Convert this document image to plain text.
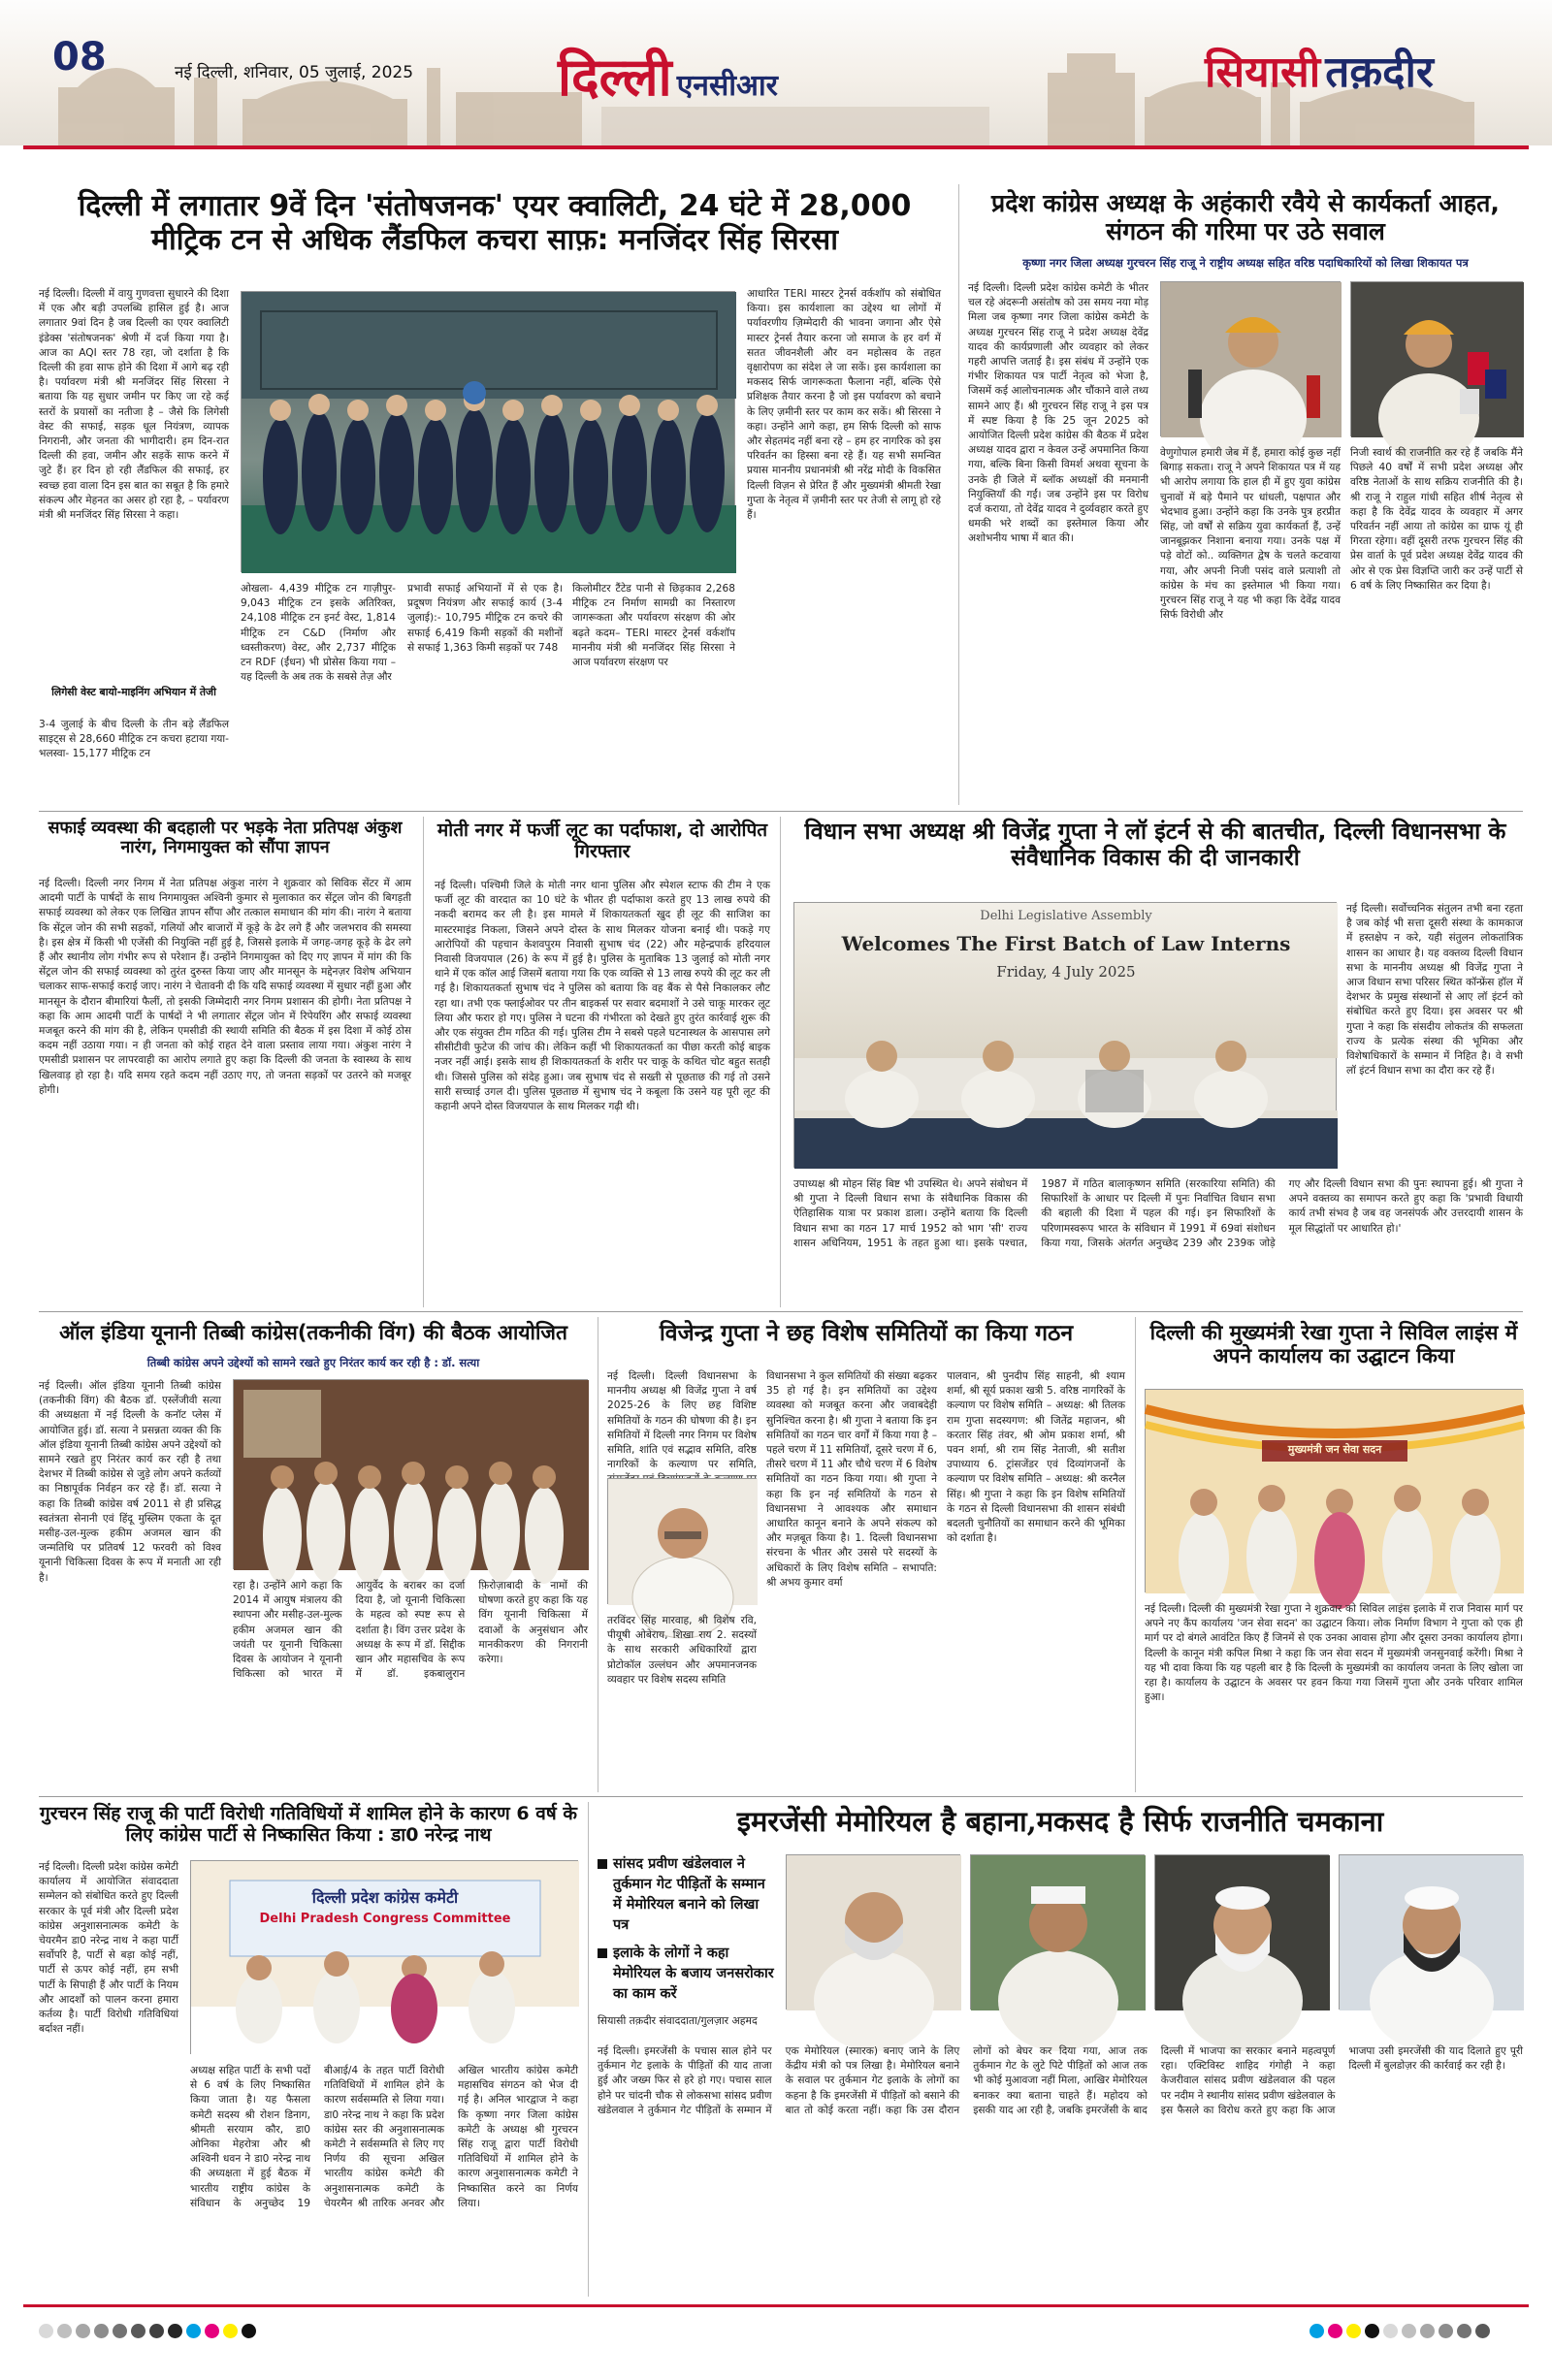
08	नई दिल्ली, शनिवार, 05 जुलाई, 2025	दिल्ली एनसीआर	सियासी तक़दीर
दिल्ली में लगातार 9वें दिन 'संतोषजनक' एयर क्वालिटी, 24 घंटे में 28,000 मीट्रिक टन से अधिक लैंडफिल कचरा साफ़: मनजिंदर सिंह सिरसा
नई दिल्ली। दिल्ली में वायु गुणवत्ता सुधारने की दिशा में एक और बड़ी उपलब्धि हासिल हुई है। आज लगातार 9वां दिन है जब दिल्ली का एयर क्वालिटी इंडेक्स 'संतोषजनक' श्रेणी में दर्ज किया गया है। आज का AQI स्तर 78 रहा, जो दर्शाता है कि दिल्ली की हवा साफ होने की दिशा में आगे बढ़ रही है। पर्यावरण मंत्री श्री मनजिंदर सिंह सिरसा ने बताया कि यह सुधार जमीन पर किए जा रहे कई स्तरों के प्रयासों का नतीजा है – जैसे कि लिगेसी वेस्ट की सफाई, सड़क धूल नियंत्रण, व्यापक निगरानी, और जनता की भागीदारी। हम दिन-रात दिल्ली की हवा, जमीन और सड़कें साफ करने में जुटे हैं। हर दिन हो रही लैंडफिल की सफाई, हर स्वच्छ हवा वाला दिन इस बात का सबूत है कि हमारे संकल्प और मेहनत का असर हो रहा है, – पर्यावरण मंत्री श्री मनजिंदर सिंह सिरसा ने कहा।
लिगेसी वेस्ट बायो-माइनिंग अभियान में तेजी
3-4 जुलाई के बीच दिल्ली के तीन बड़े लैंडफिल साइट्स से 28,660 मीट्रिक टन कचरा हटाया गया- भलस्वा- 15,177 मीट्रिक टन
ओखला- 4,439 मीट्रिक टन गाज़ीपुर- 9,043 मीट्रिक टन इसके अतिरिक्त, 24,108 मीट्रिक टन इनर्ट वेस्ट, 1,814 मीट्रिक टन C&D (निर्माण और ध्वस्तीकरण) वेस्ट, और 2,737 मीट्रिक टन RDF (ईंधन) भी प्रोसेस किया गया – यह दिल्ली के अब तक के सबसे तेज़ और
प्रभावी सफाई अभियानों में से एक है। प्रदूषण नियंत्रण और सफाई कार्य (3-4 जुलाई):- 10,795 मीट्रिक टन कचरे की सफाई 6,419 किमी सड़कों की मशीनों से सफाई 1,363 किमी सड़कों पर 748
किलोमीटर टैंटेड पानी से छिड़काव 2,268 मीट्रिक टन निर्माण सामग्री का निस्तारण जागरूकता और पर्यावरण संरक्षण की ओर बढ़ते कदम– TERI मास्टर ट्रेनर्स वर्कशॉप माननीय मंत्री श्री मनजिंदर सिंह सिरसा ने आज पर्यावरण संरक्षण पर
आधारित TERI मास्टर ट्रेनर्स वर्कशॉप को संबोधित किया। इस कार्यशाला का उद्देश्य था लोगों में पर्यावरणीय ज़िम्मेदारी की भावना जगाना और ऐसे मास्टर ट्रेनर्स तैयार करना जो समाज के हर वर्ग में सतत जीवनशैली और वन महोत्सव के तहत वृक्षारोपण का संदेश ले जा सकें। इस कार्यशाला का मकसद सिर्फ जागरूकता फैलाना नहीं, बल्कि ऐसे प्रशिक्षक तैयार करना है जो इस पर्यावरण को बचाने के लिए ज़मीनी स्तर पर काम कर सकें। श्री सिरसा ने कहा। उन्होंने आगे कहा, हम सिर्फ दिल्ली को साफ और सेहतमंद नहीं बना रहे – हम हर नागरिक को इस परिवर्तन का हिस्सा बना रहे हैं। यह सभी समन्वित प्रयास माननीय प्रधानमंत्री श्री नरेंद्र मोदी के विकसित दिल्ली विज़न से प्रेरित हैं और मुख्यमंत्री श्रीमती रेखा गुप्ता के नेतृत्व में ज़मीनी स्तर पर तेजी से लागू हो रहे हैं।
प्रदेश कांग्रेस अध्यक्ष के अहंकारी रवैये से कार्यकर्ता आहत, संगठन की गरिमा पर उठे सवाल
कृष्णा नगर जिला अध्यक्ष गुरचरन सिंह राजू ने राष्ट्रीय अध्यक्ष सहित वरिष्ठ पदाधिकारियों को लिखा शिकायत पत्र
नई दिल्ली। दिल्ली प्रदेश कांग्रेस कमेटी के भीतर चल रहे अंदरूनी असंतोष को उस समय नया मोड़ मिला जब कृष्णा नगर जिला कांग्रेस कमेटी के अध्यक्ष गुरचरन सिंह राजू ने प्रदेश अध्यक्ष देवेंद्र यादव की कार्यप्रणाली और व्यवहार को लेकर गहरी आपत्ति जताई है। इस संबंध में उन्होंने एक गंभीर शिकायत पत्र पार्टी नेतृत्व को भेजा है, जिसमें कई आलोचनात्मक और चौंकाने वाले तथ्य सामने आए हैं। श्री गुरचरन सिंह राजू ने इस पत्र में स्पष्ट किया है कि 25 जून 2025 को आयोजित दिल्ली प्रदेश कांग्रेस की बैठक में प्रदेश अध्यक्ष यादव द्वारा न केवल उन्हें अपमानित किया गया, बल्कि बिना किसी विमर्श अथवा सूचना के उनके ही जिले में ब्लॉक अध्यक्षों की मनमानी नियुक्तियाँ की गईं। जब उन्होंने इस पर विरोध दर्ज कराया, तो देवेंद्र यादव ने दुर्व्यवहार करते हुए धमकी भरे शब्दों का इस्तेमाल किया और अशोभनीय भाषा में बात की।
वेणुगोपाल हमारी जेब में हैं, हमारा कोई कुछ नहीं बिगाड़ सकता। राजू ने अपने शिकायत पत्र में यह भी आरोप लगाया कि हाल ही में हुए युवा कांग्रेस चुनावों में बड़े पैमाने पर धांधली, पक्षपात और भेदभाव हुआ। उन्होंने कहा कि उनके पुत्र हरप्रीत सिंह, जो वर्षों से सक्रिय युवा कार्यकर्ता हैं, उन्हें जानबूझकर निशाना बनाया गया। उनके पक्ष में पड़े वोटों को.. व्यक्तिगत द्वेष के चलते कटवाया गया, और अपनी निजी पसंद वाले प्रत्याशी तो कांग्रेस के मंच का इस्तेमाल भी किया गया। गुरचरन सिंह राजू ने यह भी कहा कि देवेंद्र यादव सिर्फ विरोधी और
निजी स्वार्थ की राजनीति कर रहे हैं जबकि मैंने पिछले 40 वर्षों में सभी प्रदेश अध्यक्ष और वरिष्ठ नेताओं के साथ सक्रिय राजनीति की है। श्री राजू ने राहुल गांधी सहित शीर्ष नेतृत्व से कहा है कि देवेंद्र यादव के व्यवहार में अगर परिवर्तन नहीं आया तो कांग्रेस का ग्राफ यूं ही गिरता रहेगा। वहीं दूसरी तरफ गुरचरन सिंह की प्रेस वार्ता के पूर्व प्रदेश अध्यक्ष देवेंद्र यादव की ओर से एक प्रेस विज्ञप्ति जारी कर उन्हें पार्टी से 6 वर्ष के लिए निष्कासित कर दिया है।
सफाई व्यवस्था की बदहाली पर भड़के नेता प्रतिपक्ष अंकुश नारंग, निगमायुक्त को सौंपा ज्ञापन
नई दिल्ली। दिल्ली नगर निगम में नेता प्रतिपक्ष अंकुश नारंग ने शुक्रवार को सिविक सेंटर में आम आदमी पार्टी के पार्षदों के साथ निगमायुक्त अश्विनी कुमार से मुलाकात कर सेंट्रल जोन की बिगड़ती सफाई व्यवस्था को लेकर एक लिखित ज्ञापन सौंपा और तत्काल समाधान की मांग की। नारंग ने बताया कि सेंट्रल जोन की सभी सड़कों, गलियों और बाजारों में कूड़े के ढेर लगे हैं और जलभराव की समस्या है। इस क्षेत्र में किसी भी एजेंसी की नियुक्ति नहीं हुई है, जिससे इलाके में जगह-जगह कूड़े के ढेर लगे हैं और स्थानीय लोग गंभीर रूप से परेशान हैं। उन्होंने निगमायुक्त को दिए गए ज्ञापन में मांग की कि सेंट्रल जोन की सफाई व्यवस्था को तुरंत दुरुस्त किया जाए और मानसून के मद्देनज़र विशेष अभियान चलाकर साफ-सफाई कराई जाए। नारंग ने चेतावनी दी कि यदि सफाई व्यवस्था में सुधार नहीं हुआ और मानसून के दौरान बीमारियां फैलीं, तो इसकी जिम्मेदारी नगर निगम प्रशासन की होगी। नेता प्रतिपक्ष ने कहा कि आम आदमी पार्टी के पार्षदों ने भी लगातार सेंट्रल जोन में रिपेयरिंग और सफाई व्यवस्था मजबूत करने की मांग की है, लेकिन एमसीडी की स्थायी समिति की बैठक में इस दिशा में कोई ठोस कदम नहीं उठाया गया। न ही जनता को कोई राहत देने वाला प्रस्ताव लाया गया। अंकुश नारंग ने एमसीडी प्रशासन पर लापरवाही का आरोप लगाते हुए कहा कि दिल्ली की जनता के स्वास्थ्य के साथ खिलवाड़ हो रहा है। यदि समय रहते कदम नहीं उठाए गए, तो जनता सड़कों पर उतरने को मजबूर होगी।
मोती नगर में फर्जी लूट का पर्दाफाश, दो आरोपित गिरफ्तार
नई दिल्ली। पश्चिमी जिले के मोती नगर थाना पुलिस और स्पेशल स्टाफ की टीम ने एक फर्जी लूट की वारदात का 10 घंटे के भीतर ही पर्दाफाश करते हुए 13 लाख रुपये की नकदी बरामद कर ली है। इस मामले में शिकायतकर्ता खुद ही लूट की साजिश का मास्टरमाइंड निकला, जिसने अपने दोस्त के साथ मिलकर योजना बनाई थी। पकड़े गए आरोपियों की पहचान केशवपुरम निवासी सुभाष चंद (22) और महेन्द्रपार्क हरिदयाल निवासी विजयपाल (26) के रूप में हुई है। पुलिस के मुताबिक 13 जुलाई को मोती नगर थाने में एक कॉल आई जिसमें बताया गया कि एक व्यक्ति से 13 लाख रुपये की लूट कर ली गई है। शिकायतकर्ता सुभाष चंद ने पुलिस को बताया कि वह बैंक से पैसे निकालकर लौट रहा था। तभी एक फ्लाईओवर पर तीन बाइकर्स पर सवार बदमाशों ने उसे चाकू मारकर लूट लिया और फरार हो गए। पुलिस ने घटना की गंभीरता को देखते हुए तुरंत कार्रवाई शुरू की और एक संयुक्त टीम गठित की गई। पुलिस टीम ने सबसे पहले घटनास्थल के आसपास लगे सीसीटीवी फुटेज की जांच की। लेकिन कहीं भी शिकायतकर्ता का पीछा करती कोई बाइक नजर नहीं आई। इसके साथ ही शिकायतकर्ता के शरीर पर चाकू के कथित चोट बहुत सतही थी। जिससे पुलिस को संदेह हुआ। जब सुभाष चंद से सख्ती से पूछताछ की गई तो उसने सारी सच्चाई उगल दी। पुलिस पूछताछ में सुभाष चंद ने कबूला कि उसने यह पूरी लूट की कहानी अपने दोस्त विजयपाल के साथ मिलकर गढ़ी थी।
विधान सभा अध्यक्ष श्री विजेंद्र गुप्ता ने लॉ इंटर्न से की बातचीत, दिल्ली विधानसभा के संवैधानिक विकास की दी जानकारी
Delhi Legislative Assembly
Welcomes The First Batch of Law Interns
Friday, 4 July 2025
नई दिल्ली। सर्वोच्चनिक संतुलन तभी बना रहता है जब कोई भी सत्ता दूसरी संस्था के कामकाज में हस्तक्षेप न करे, यही संतुलन लोकतांत्रिक शासन का आधार है। यह वक्तव्य दिल्ली विधान सभा के माननीय अध्यक्ष श्री विजेंद्र गुप्ता ने आज विधान सभा परिसर स्थित कॉन्फ्रेंस हॉल में देशभर के प्रमुख संस्थानों से आए लॉ इंटर्न को संबोधित करते हुए दिया। इस अवसर पर श्री गुप्ता ने कहा कि संसदीय लोकतंत्र की सफलता राज्य के प्रत्येक संस्था की भूमिका और विशेषाधिकारों के सम्मान में निहित है। वे सभी लॉ इंटर्न विधान सभा का दौरा कर रहे हैं।
उपाध्यक्ष श्री मोहन सिंह बिष्ट भी उपस्थित थे। अपने संबोधन में श्री गुप्ता ने दिल्ली विधान सभा के संवैधानिक विकास की ऐतिहासिक यात्रा पर प्रकाश डाला। उन्होंने बताया कि दिल्ली विधान सभा का गठन 17 मार्च 1952 को भाग 'सी' राज्य शासन अधिनियम, 1951 के तहत हुआ था। इसके पश्चात, 1987 में गठित बालाकृष्णन समिति (सरकारिया समिति) की सिफारिशों के आधार पर दिल्ली में पुनः निर्वाचित विधान सभा की बहाली की दिशा में पहल की गई। इन सिफारिशों के परिणामस्वरूप भारत के संविधान में 1991 में 69वां संशोधन किया गया, जिसके अंतर्गत अनुच्छेद 239 और 239क जोड़े गए और दिल्ली विधान सभा की पुनः स्थापना हुई। श्री गुप्ता ने अपने वक्तव्य का समापन करते हुए कहा कि 'प्रभावी विधायी कार्य तभी संभव है जब वह जनसंपर्क और उत्तरदायी शासन के मूल सिद्धांतों पर आधारित हो।'
ऑल इंडिया यूनानी तिब्बी कांग्रेस(तकनीकी विंग) की बैठक आयोजित
तिब्बी कांग्रेस अपने उद्देश्यों को सामने रखते हुए निरंतर कार्य कर रही है : डॉ. सत्या
नई दिल्ली। ऑल इंडिया यूनानी तिब्बी कांग्रेस (तकनीकी विंग) की बैठक डॉ. एस्लेंजीवी सत्या की अध्यक्षता में नई दिल्ली के कनॉट प्लेस में आयोजित हुई। डॉ. सत्या ने प्रसन्नता व्यक्त की कि ऑल इंडिया यूनानी तिब्बी कांग्रेस अपने उद्देश्यों को सामने रखते हुए निरंतर कार्य कर रही है तथा देशभर में तिब्बी कांग्रेस से जुड़े लोग अपने कर्तव्यों का निष्ठापूर्वक निर्वहन कर रहे हैं। डॉ. सत्या ने कहा कि तिब्बी कांग्रेस वर्ष 2011 से ही प्रसिद्ध स्वतंत्रता सेनानी एवं हिंदू मुस्लिम एकता के दूत मसीह-उल-मुल्क हकीम अजमल खान की जन्मतिथि पर प्रतिवर्ष 12 फरवरी को विश्व यूनानी चिकित्सा दिवस के रूप में मनाती आ रही है।
रहा है। उन्होंने आगे कहा कि 2014 में आयुष मंत्रालय की स्थापना और मसीह-उल-मुल्क हकीम अजमल खान की जयंती पर यूनानी चिकित्सा दिवस के आयोजन ने यूनानी चिकित्सा को भारत में आयुर्वेद के बराबर का दर्जा दिया है, जो यूनानी चिकित्सा के महत्व को स्पष्ट रूप से दर्शाता है। विंग उत्तर प्रदेश के अध्यक्ष के रूप में डॉ. सिद्दीक खान और महासचिव के रूप में डॉ. इकबालुरान फ़िरोज़ाबादी के नामों की घोषणा करते हुए कहा कि यह विंग यूनानी चिकित्सा में दवाओं के अनुसंधान और मानकीकरण की निगरानी करेगा।
विजेन्द्र गुप्ता ने छह विशेष समितियों का किया गठन
नई दिल्ली। दिल्ली विधानसभा के माननीय अध्यक्ष श्री विजेंद्र गुप्ता ने वर्ष 2025-26 के लिए छह विशिष्ट समितियों के गठन की घोषणा की है। इन समितियों में दिल्ली नगर निगम पर विशेष समिति, शांति एवं सद्भाव समिति, वरिष्ठ नागरिकों के कल्याण पर समिति,
तरविंदर सिंह मारवाह, श्री विशेष रवि, पीयूषी ओबेराय, शिखा राय 2. सदस्यों के साथ सरकारी अधिकारियों द्वारा प्रोटोकॉल उल्लंघन और अपमानजनक व्यवहार पर विशेष सदस्य समिति
विधानसभा ने कुल समितियों की संख्या बढ़कर 35 हो गई है। इन समितियों का उद्देश्य व्यवस्था को मजबूत करना और जवाबदेही सुनिश्चित करना है। श्री गुप्ता ने बताया कि इन समितियों का गठन चार वर्गों में किया गया है – पहले चरण में 11 समितियाँ, दूसरे चरण में 6, तीसरे चरण में 11 और चौथे चरण में 6 विशेष समितियों का गठन किया गया। श्री गुप्ता ने कहा कि इन नई समितियों के गठन से विधानसभा ने आवश्यक और समाधान आधारित कानून बनाने के अपने संकल्प को और मज़बूत किया है। 1. दिल्ली विधानसभा संरचना के भीतर और उससे परे सदस्यों के अधिकारों के लिए विशेष समिति – सभापति: श्री अभय कुमार वर्मा
पालवान, श्री पुनदीप सिंह साहनी, श्री श्याम शर्मा, श्री सूर्य प्रकाश खत्री 5. वरिष्ठ नागरिकों के कल्याण पर विशेष समिति – अध्यक्ष: श्री तिलक राम गुप्ता सदस्यगण: श्री जितेंद्र महाजन, श्री करतार सिंह तंवर, श्री ओम प्रकाश शर्मा, श्री पवन शर्मा, श्री राम सिंह नेताजी, श्री सतीश उपाध्याय 6. ट्रांसजेंडर एवं दिव्यांगजनों के कल्याण पर विशेष समिति – अध्यक्ष: श्री करनैल सिंह। श्री गुप्ता ने कहा कि इन विशेष समितियों के गठन से दिल्ली विधानसभा की शासन संबंधी बदलती चुनौतियों का समाधान करने की भूमिका को दर्शाता है।
दिल्ली की मुख्यमंत्री रेखा गुप्ता ने सिविल लाइंस में अपने कार्यालय का उद्घाटन किया
मुख्यमंत्री जन सेवा सदन
नई दिल्ली। दिल्ली की मुख्यमंत्री रेखा गुप्ता ने शुक्रवार को सिविल लाइंस इलाके में राज निवास मार्ग पर अपने नए कैंप कार्यालय 'जन सेवा सदन' का उद्घाटन किया। लोक निर्माण विभाग ने गुप्ता को एक ही मार्ग पर दो बंगले आवंटित किए हैं जिनमें से एक उनका आवास होगा और दूसरा उनका कार्यालय होगा। दिल्ली के कानून मंत्री कपिल मिश्रा ने कहा कि जन सेवा सदन में मुख्यमंत्री जनसुनवाई करेंगी। मिश्रा ने यह भी दावा किया कि यह पहली बार है कि दिल्ली के मुख्यमंत्री का कार्यालय जनता के लिए खोला जा रहा है। कार्यालय के उद्घाटन के अवसर पर हवन किया गया जिसमें गुप्ता और उनके परिवार शामिल हुआ।
गुरचरन सिंह राजू की पार्टी विरोधी गतिविधियों में शामिल होने के कारण 6 वर्ष के लिए कांग्रेस पार्टी से निष्कासित किया : डा0 नरेन्द्र नाथ
नई दिल्ली। दिल्ली प्रदेश कांग्रेस कमेटी कार्यालय में आयोजित संवाददाता सम्मेलन को संबोधित करते हुए दिल्ली सरकार के पूर्व मंत्री और दिल्ली प्रदेश कांग्रेस अनुशासनात्मक कमेटी के चेयरमैन डा0 नरेन्द्र नाथ ने कहा पार्टी सर्वोपरि है, पार्टी से बड़ा कोई नहीं, पार्टी से ऊपर कोई नहीं, हम सभी पार्टी के सिपाही हैं और पार्टी के नियम और आदर्शों को पालन करना हमारा कर्तव्य है। पार्टी विरोधी गतिविधियां बर्दाश्त नहीं।
दिल्ली प्रदेश कांग्रेस कमेटी
Delhi Pradesh Congress Committee
अध्यक्ष सहित पार्टी के सभी पदों से 6 वर्ष के लिए निष्कासित किया जाता है। यह फैसला कमेटी सदस्य श्री रोशन डिनाग, श्रीमती सरयाम कौर, डा0 ओनिका मेहरोत्रा और श्री अश्विनी धवन ने डा0 नरेन्द्र नाथ की अध्यक्षता में हुई बैठक में भारतीय राष्ट्रीय कांग्रेस के संविधान के अनुच्छेद 19 बीआई/4 के तहत पार्टी विरोधी गतिविधियों में शामिल होने के कारण सर्वसम्मति से लिया गया। डा0 नरेन्द्र नाथ ने कहा कि प्रदेश कांग्रेस स्तर की अनुशासनात्मक कमेटी ने सर्वसम्मति से लिए गए निर्णय की सूचना अखिल भारतीय कांग्रेस कमेटी की अनुशासनात्मक कमेटी के चेयरमैन श्री तारिक अनवर और अखिल भारतीय कांग्रेस कमेटी महासचिव संगठन को भेज दी गई है। अनिल भारद्वाज ने कहा कि कृष्णा नगर जिला कांग्रेस कमेटी के अध्यक्ष श्री गुरचरन सिंह राजू द्वारा पार्टी विरोधी गतिविधियों में शामिल होने के कारण अनुशासनात्मक कमेटी ने निष्कासित करने का निर्णय लिया।
इमरजेंसी मेमोरियल है बहाना,मकसद है सिर्फ राजनीति चमकाना
सांसद प्रवीण खंडेलवाल ने तुर्कमान गेट पीड़ितों के सम्मान में मेमोरियल बनाने को लिखा पत्र
इलाके के लोगों ने कहा मेमोरियल के बजाय जनसरोकार का काम करें
सियासी तक़दीर संवाददाता/गुलज़ार अहमद
नई दिल्ली। इमरजेंसी के पचास साल होने पर तुर्कमान गेट इलाके के पीड़ितों की याद ताजा हुई और जख्म फिर से हरे हो गए। पचास साल होने पर चांदनी चौक से लोकसभा सांसद प्रवीण खंडेलवाल ने तुर्कमान गेट पीड़ितों के सम्मान में एक मेमोरियल (स्मारक) बनाए जाने के लिए केंद्रीय मंत्री को पत्र लिखा है। मेमोरियल बनाने के सवाल पर तुर्कमान गेट इलाके के लोगों का कहना है कि इमरजेंसी में पीड़ितों को बसाने की बात तो कोई करता नहीं। कहा कि उस दौरान लोगों को बेघर कर दिया गया, आज तक तुर्कमान गेट के लुटे पिटे पीड़ितों को आज तक भी कोई मुआवजा नहीं मिला, आखिर मेमोरियल बनाकर क्या बताना चाहते हैं। महोदय को इसकी याद आ रही है, जबकि इमरजेंसी के बाद दिल्ली में भाजपा का सरकार बनाने महत्वपूर्ण रहा। एक्टिविस्ट शाहिद गंगोही ने कहा केजरीवाल सांसद प्रवीण खंडेलवाल की पहल पर नदीम ने स्थानीय सांसद प्रवीण खंडेलवाल के इस फैसले का विरोध करते हुए कहा कि आज भाजपा उसी इमरजेंसी की याद दिलाते हुए पूरी दिल्ली में बुलडोज़र की कार्रवाई कर रही है।
